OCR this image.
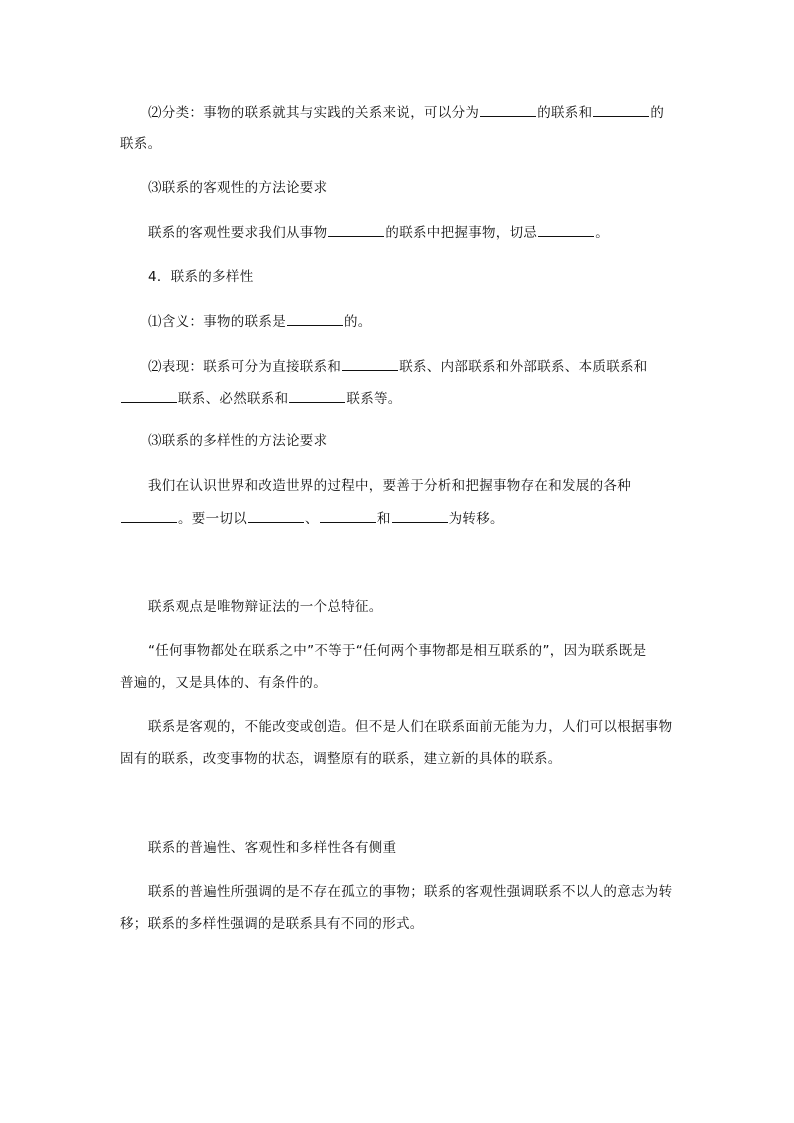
⑵分类：事物的联系就其与实践的关系来说，可以分为	的联系和	的
联系。
⑶联系的客观性的方法论要求
联系的客观性要求我们从事物	的联系中把握事物，切忌	。
4．联系的多样性
⑴含义：事物的联系是	的。
⑵表现：联系可分为直接联系和	联系、内部联系和外部联系、本质联系和
联系、必然联系和	联系等。
⑶联系的多样性的方法论要求
我们在认识世界和改造世界的过程中，要善于分析和把握事物存在和发展的各种
。要一切以	、	和	为转移。
联系观点是唯物辩证法的一个总特征。
“任何事物都处在联系之中”不等于“任何两个事物都是相互联系的”，因为联系既是
普遍的，又是具体的、有条件的。
联系是客观的，不能改变或创造。但不是人们在联系面前无能为力，人们可以根据事物
固有的联系，改变事物的状态，调整原有的联系，建立新的具体的联系。
联系的普遍性、客观性和多样性各有侧重
联系的普遍性所强调的是不存在孤立的事物；联系的客观性强调联系不以人的意志为转
移；联系的多样性强调的是联系具有不同的形式。
